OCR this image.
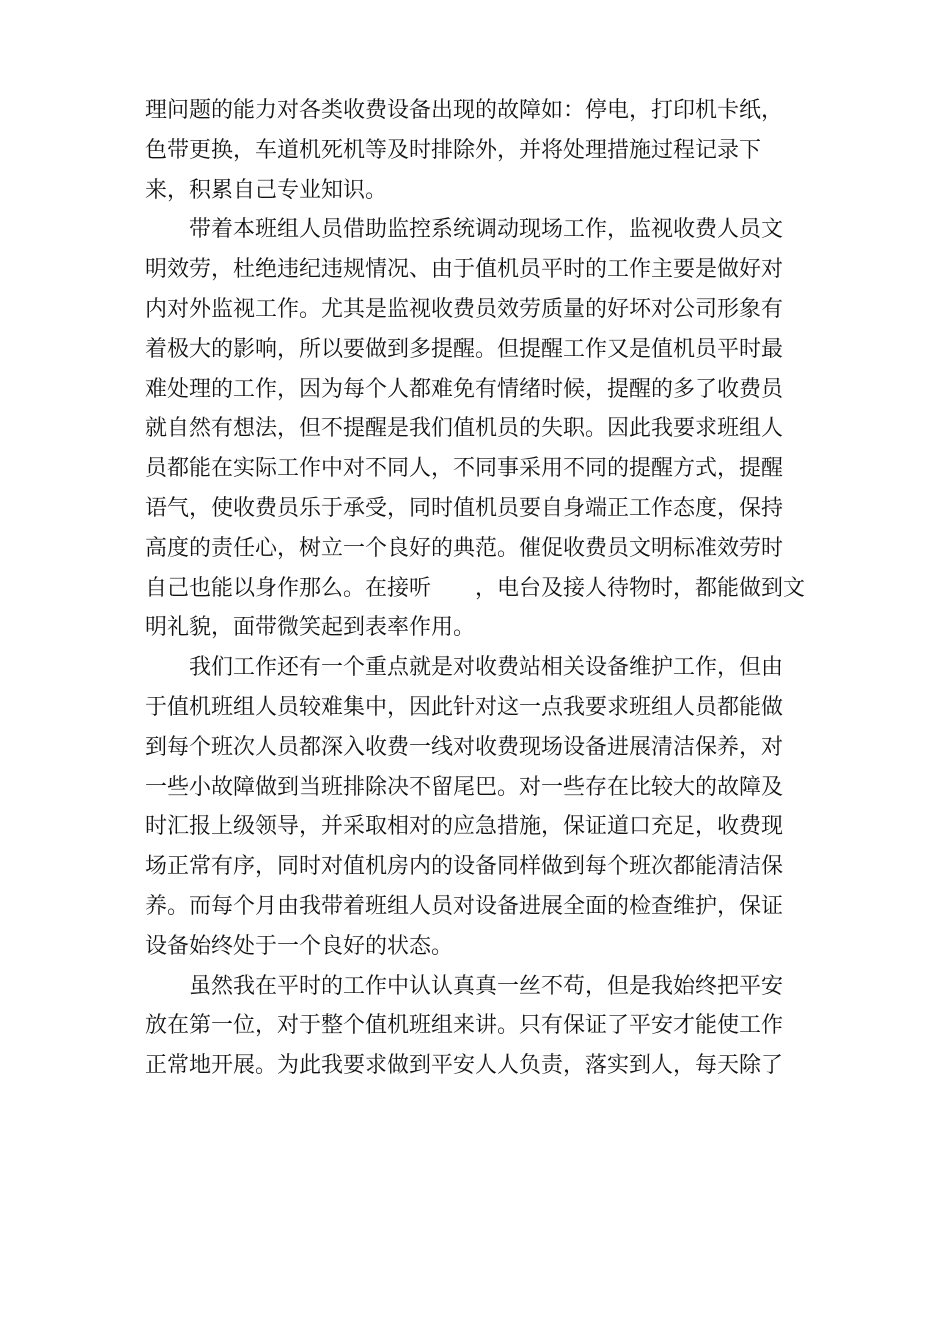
理问题的能力对各类收费设备出现的故障如：停电，打印机卡纸，
色带更换，车道机死机等及时排除外，并将处理措施过程记录下
来，积累自己专业知识。
带着本班组人员借助监控系统调动现场工作，监视收费人员文
明效劳，杜绝违纪违规情况、由于值机员平时的工作主要是做好对
内对外监视工作。尤其是监视收费员效劳质量的好坏对公司形象有
着极大的影响，所以要做到多提醒。但提醒工作又是值机员平时最
难处理的工作，因为每个人都难免有情绪时候，提醒的多了收费员
就自然有想法，但不提醒是我们值机员的失职。因此我要求班组人
员都能在实际工作中对不同人，不同事采用不同的提醒方式，提醒
语气，使收费员乐于承受，同时值机员要自身端正工作态度，保持
高度的责任心，树立一个良好的典范。催促收费员文明标准效劳时
自己也能以身作那么。在接听　　，电台及接人待物时，都能做到文
明礼貌，面带微笑起到表率作用。
我们工作还有一个重点就是对收费站相关设备维护工作，但由
于值机班组人员较难集中，因此针对这一点我要求班组人员都能做
到每个班次人员都深入收费一线对收费现场设备进展清洁保养，对
一些小故障做到当班排除决不留尾巴。对一些存在比较大的故障及
时汇报上级领导，并采取相对的应急措施，保证道口充足，收费现
场正常有序，同时对值机房内的设备同样做到每个班次都能清洁保
养。而每个月由我带着班组人员对设备进展全面的检查维护，保证
设备始终处于一个良好的状态。
虽然我在平时的工作中认认真真一丝不苟，但是我始终把平安
放在第一位，对于整个值机班组来讲。只有保证了平安才能使工作
正常地开展。为此我要求做到平安人人负责，落实到人，每天除了
